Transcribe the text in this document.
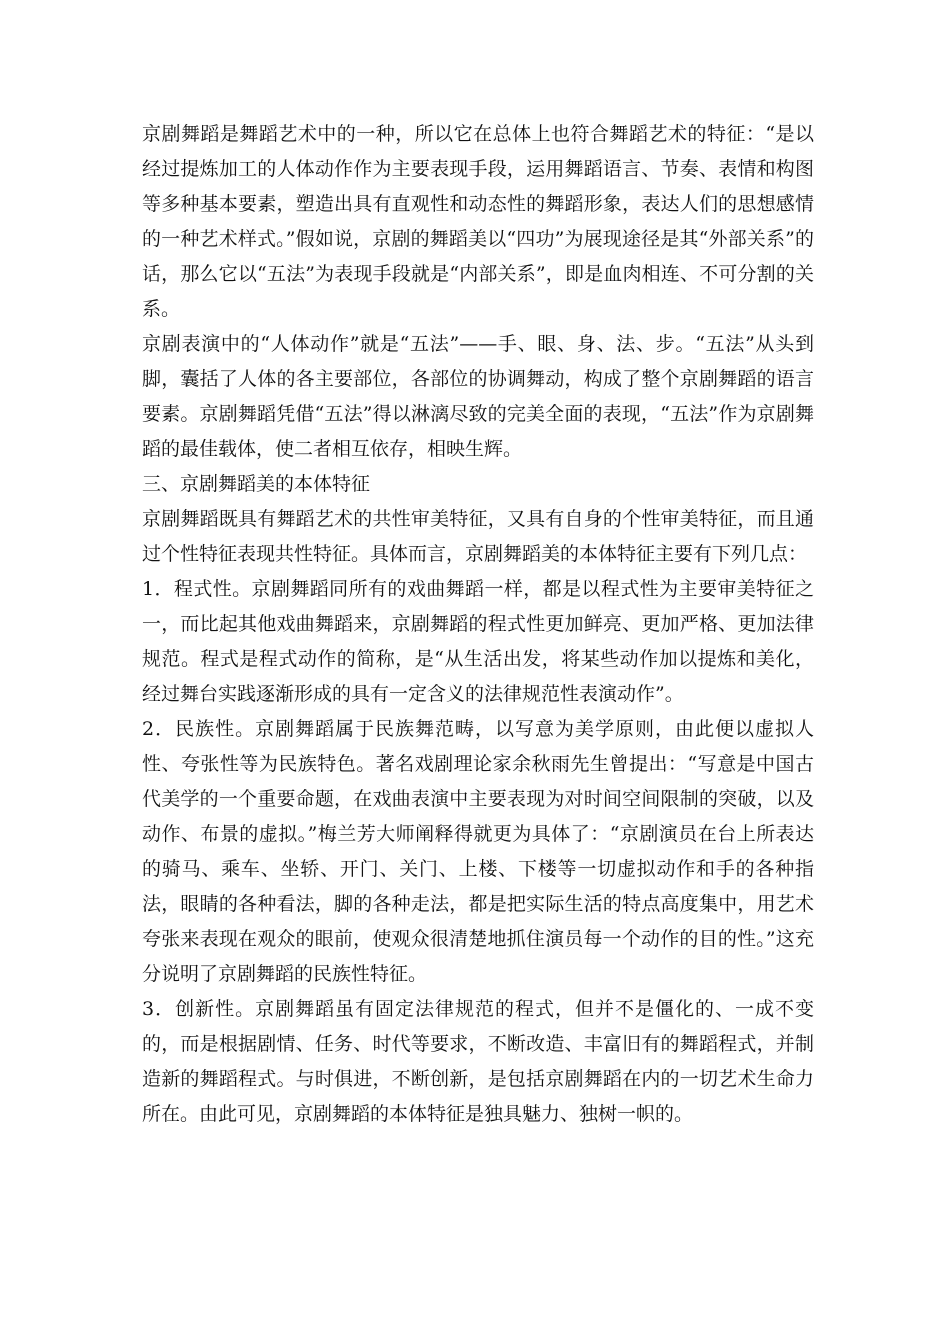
京剧舞蹈是舞蹈艺术中的一种，所以它在总体上也符合舞蹈艺术的特征：“是以经过提炼加工的人体动作作为主要表现手段，运用舞蹈语言、节奏、表情和构图等多种基本要素，塑造出具有直观性和动态性的舞蹈形象，表达人们的思想感情的一种艺术样式。”假如说，京剧的舞蹈美以“四功”为展现途径是其“外部关系”的话，那么它以“五法”为表现手段就是“内部关系”，即是血肉相连、不可分割的关系。

京剧表演中的“人体动作”就是“五法”——手、眼、身、法、步。“五法”从头到脚，囊括了人体的各主要部位，各部位的协调舞动，构成了整个京剧舞蹈的语言要素。京剧舞蹈凭借“五法”得以淋漓尽致的完美全面的表现，“五法”作为京剧舞蹈的最佳载体，使二者相互依存，相映生辉。

三、京剧舞蹈美的本体特征

京剧舞蹈既具有舞蹈艺术的共性审美特征，又具有自身的个性审美特征，而且通过个性特征表现共性特征。具体而言，京剧舞蹈美的本体特征主要有下列几点：

1．程式性。京剧舞蹈同所有的戏曲舞蹈一样，都是以程式性为主要审美特征之一，而比起其他戏曲舞蹈来，京剧舞蹈的程式性更加鲜亮、更加严格、更加法律规范。程式是程式动作的简称，是“从生活出发，将某些动作加以提炼和美化，经过舞台实践逐渐形成的具有一定含义的法律规范性表演动作”。

2．民族性。京剧舞蹈属于民族舞范畴，以写意为美学原则，由此便以虚拟人性、夸张性等为民族特色。著名戏剧理论家余秋雨先生曾提出：“写意是中国古代美学的一个重要命题，在戏曲表演中主要表现为对时间空间限制的突破，以及动作、布景的虚拟。”梅兰芳大师阐释得就更为具体了：“京剧演员在台上所表达的骑马、乘车、坐轿、开门、关门、上楼、下楼等一切虚拟动作和手的各种指法，眼睛的各种看法，脚的各种走法，都是把实际生活的特点高度集中，用艺术夸张来表现在观众的眼前，使观众很清楚地抓住演员每一个动作的目的性。”这充分说明了京剧舞蹈的民族性特征。

3．创新性。京剧舞蹈虽有固定法律规范的程式，但并不是僵化的、一成不变的，而是根据剧情、任务、时代等要求，不断改造、丰富旧有的舞蹈程式，并制造新的舞蹈程式。与时俱进，不断创新，是包括京剧舞蹈在内的一切艺术生命力所在。由此可见，京剧舞蹈的本体特征是独具魅力、独树一帜的。
